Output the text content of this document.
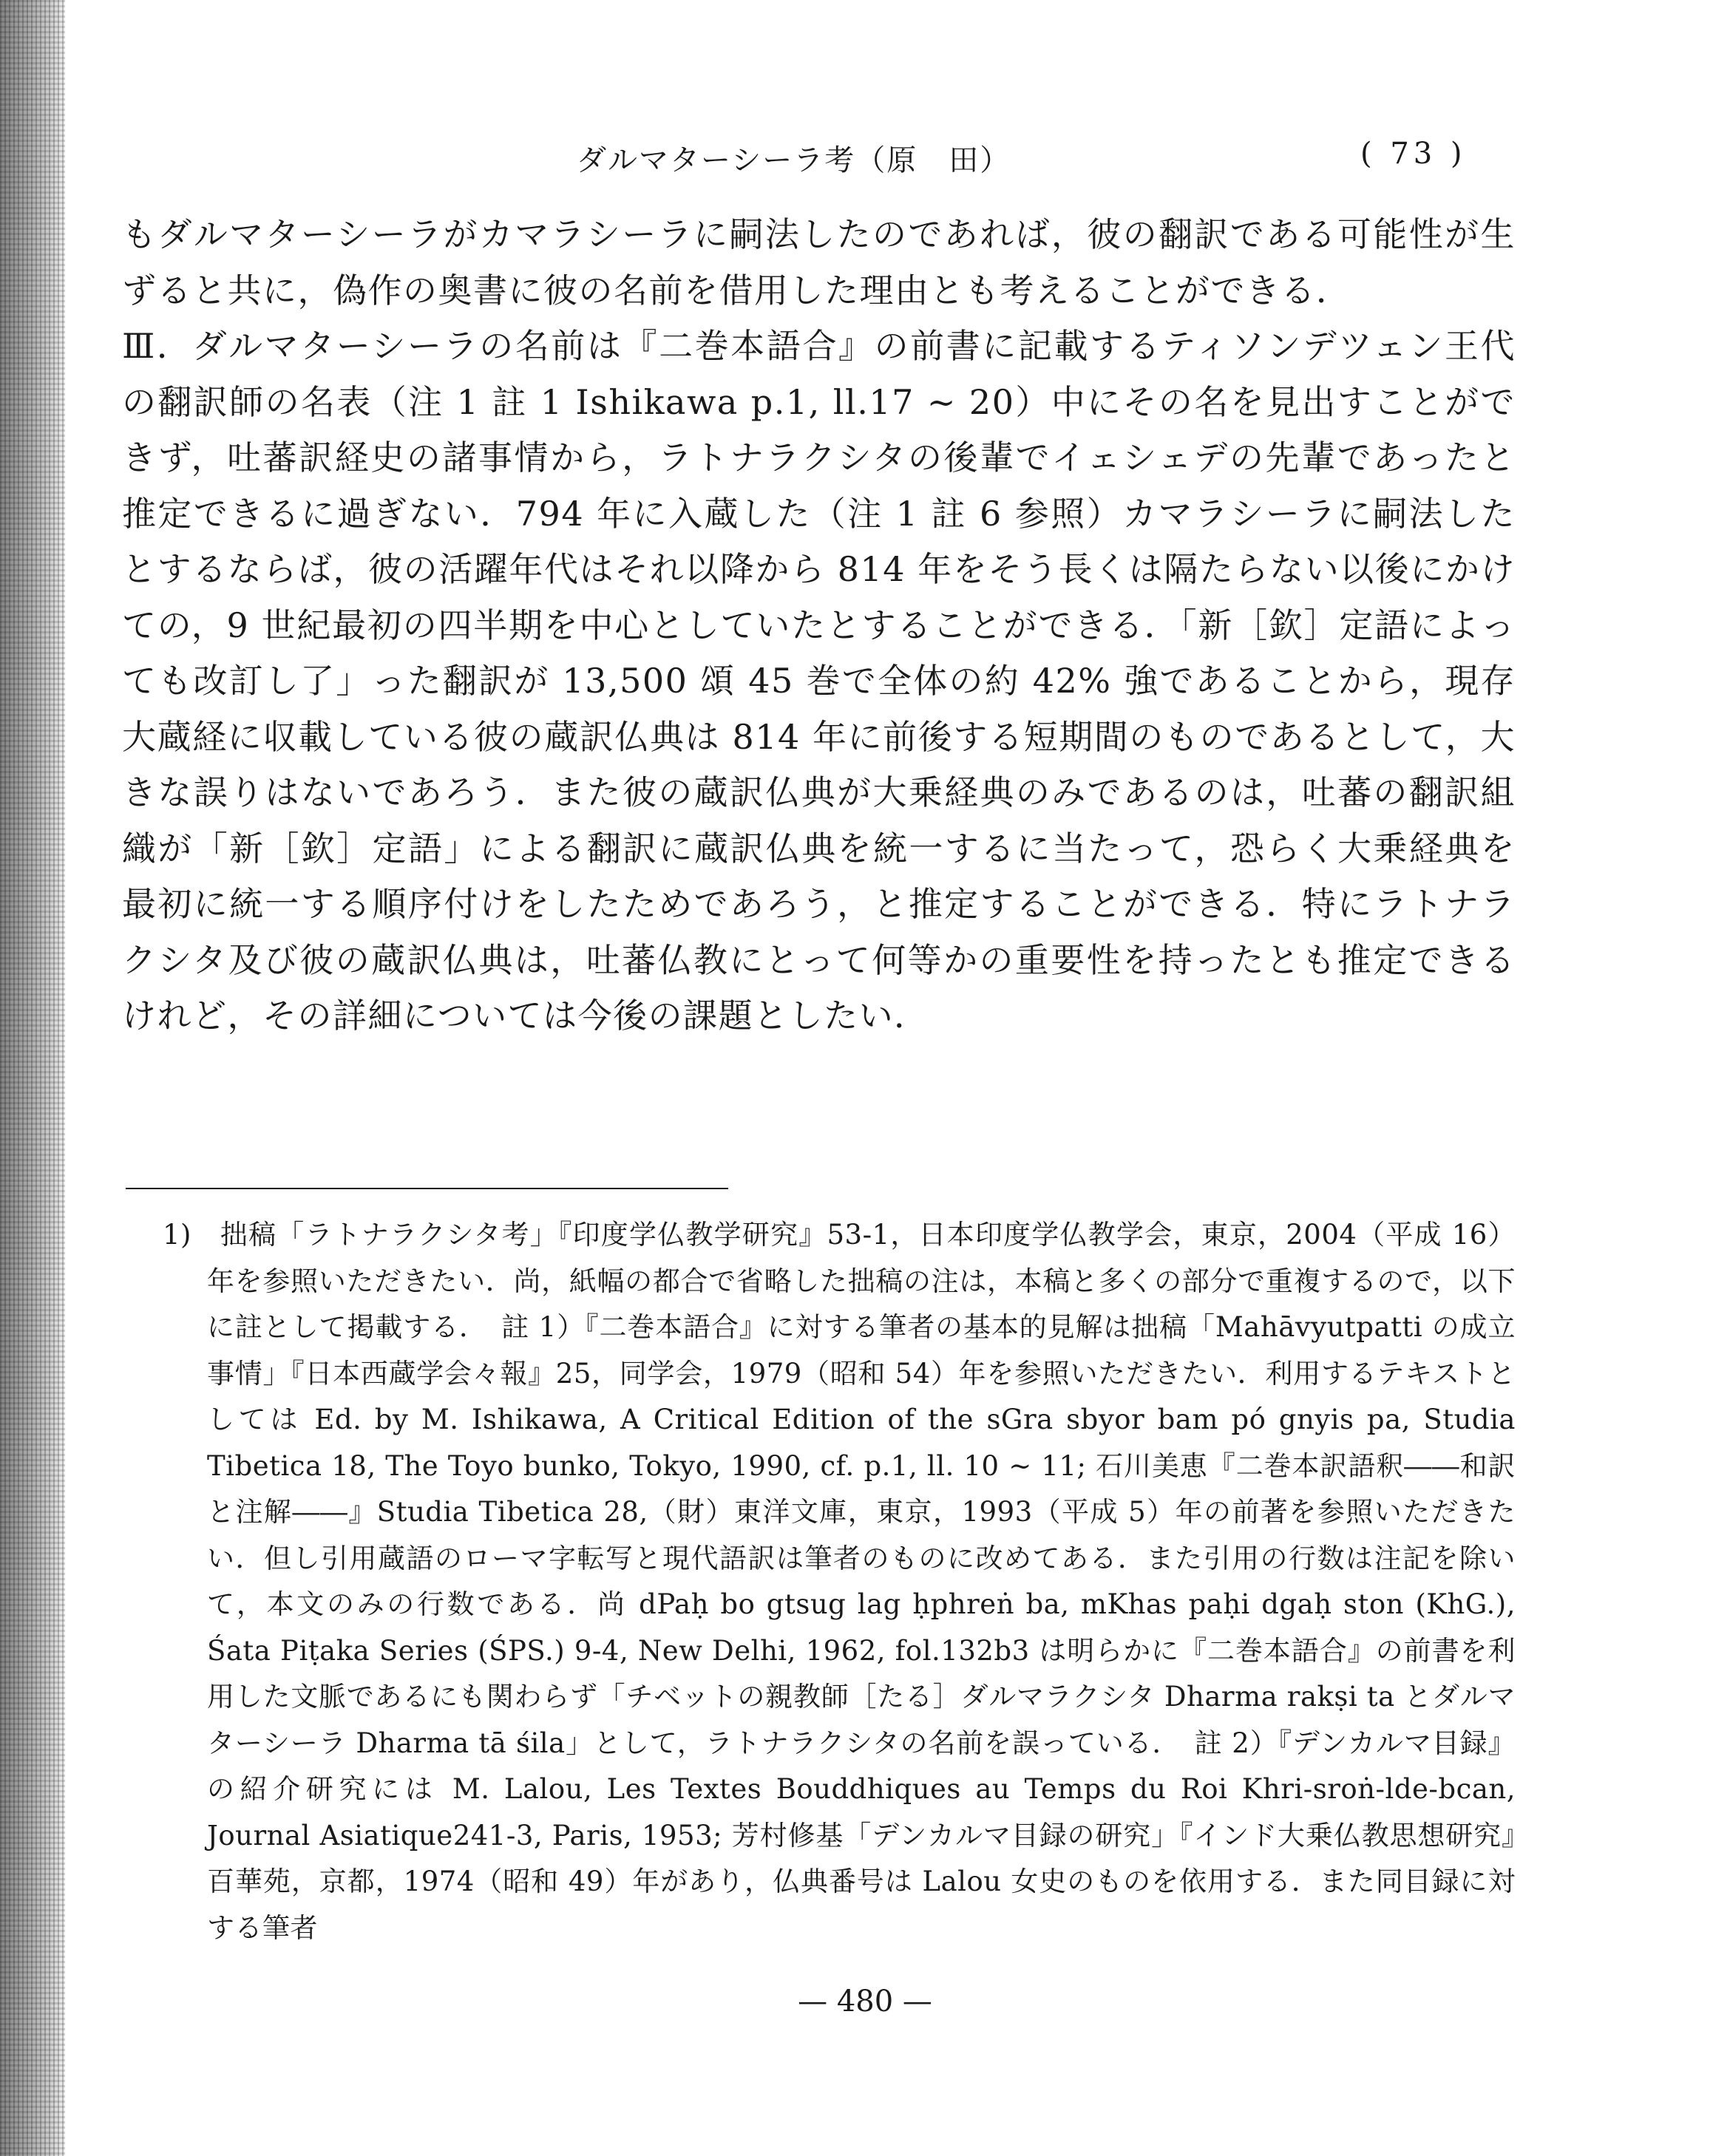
ダルマターシーラ考（原　田）	( 73 )

もダルマターシーラがカマラシーラに嗣法したのであれば，彼の翻訳である可能性が生ずると共に，偽作の奥書に彼の名前を借用した理由とも考えることができる．

Ⅲ．ダルマターシーラの名前は『二巻本語合』の前書に記載するティソンデツェン王代の翻訳師の名表（注 1 註 1 Ishikawa p.1, ll.17 ~ 20）中にその名を見出すことができず，吐蕃訳経史の諸事情から，ラトナラクシタの後輩でイェシェデの先輩であったと推定できるに過ぎない．794 年に入蔵した（注 1 註 6 参照）カマラシーラに嗣法したとするならば，彼の活躍年代はそれ以降から 814 年をそう長くは隔たらない以後にかけての，9 世紀最初の四半期を中心としていたとすることができる．「新［欽］定語によっても改訂し了」った翻訳が 13,500 頌 45 巻で全体の約 42% 強であることから，現存大蔵経に収載している彼の蔵訳仏典は 814 年に前後する短期間のものであるとして，大きな誤りはないであろう．また彼の蔵訳仏典が大乗経典のみであるのは，吐蕃の翻訳組織が「新［欽］定語」による翻訳に蔵訳仏典を統一するに当たって，恐らく大乗経典を最初に統一する順序付けをしたためであろう，と推定することができる．特にラトナラクシタ及び彼の蔵訳仏典は，吐蕃仏教にとって何等かの重要性を持ったとも推定できるけれど，その詳細については今後の課題としたい．

1)　拙稿「ラトナラクシタ考」『印度学仏教学研究』53-1，日本印度学仏教学会，東京，2004（平成 16）年を参照いただきたい．尚，紙幅の都合で省略した拙稿の注は，本稿と多くの部分で重複するので，以下に註として掲載する．　註 1）『二巻本語合』に対する筆者の基本的見解は拙稿「Mahāvyutpatti の成立事情」『日本西蔵学会々報』25，同学会，1979（昭和 54）年を参照いただきたい．利用するテキストとしては Ed. by M. Ishikawa, A Critical Edition of the sGra sbyor bam pó gnyis pa, Studia Tibetica 18, The Toyo bunko, Tokyo, 1990, cf. p.1, ll. 10 ~ 11; 石川美恵『二巻本訳語釈――和訳と注解――』Studia Tibetica 28,（財）東洋文庫，東京，1993（平成 5）年の前著を参照いただきたい．但し引用蔵語のローマ字転写と現代語訳は筆者のものに改めてある．また引用の行数は注記を除いて，本文のみの行数である．尚 dPaḥ bo gtsug lag ḥphreṅ ba, mKhas paḥi dgaḥ ston (KhG.), Śata Piṭaka Series (ŚPS.) 9-4, New Delhi, 1962, fol.132b3 は明らかに『二巻本語合』の前書を利用した文脈であるにも関わらず「チベットの親教師［たる］ダルマラクシタ Dharma rakṣi ta とダルマターシーラ Dharma tā śila」として，ラトナラクシタの名前を誤っている．　註 2）『デンカルマ目録』の紹介研究には M. Lalou, Les Textes Bouddhiques au Temps du Roi Khri-sroṅ-lde-bcan, Journal Asiatique241-3, Paris, 1953; 芳村修基「デンカルマ目録の研究」『インド大乗仏教思想研究』百華苑，京都，1974（昭和 49）年があり，仏典番号は Lalou 女史のものを依用する．また同目録に対する筆者

— 480 —
